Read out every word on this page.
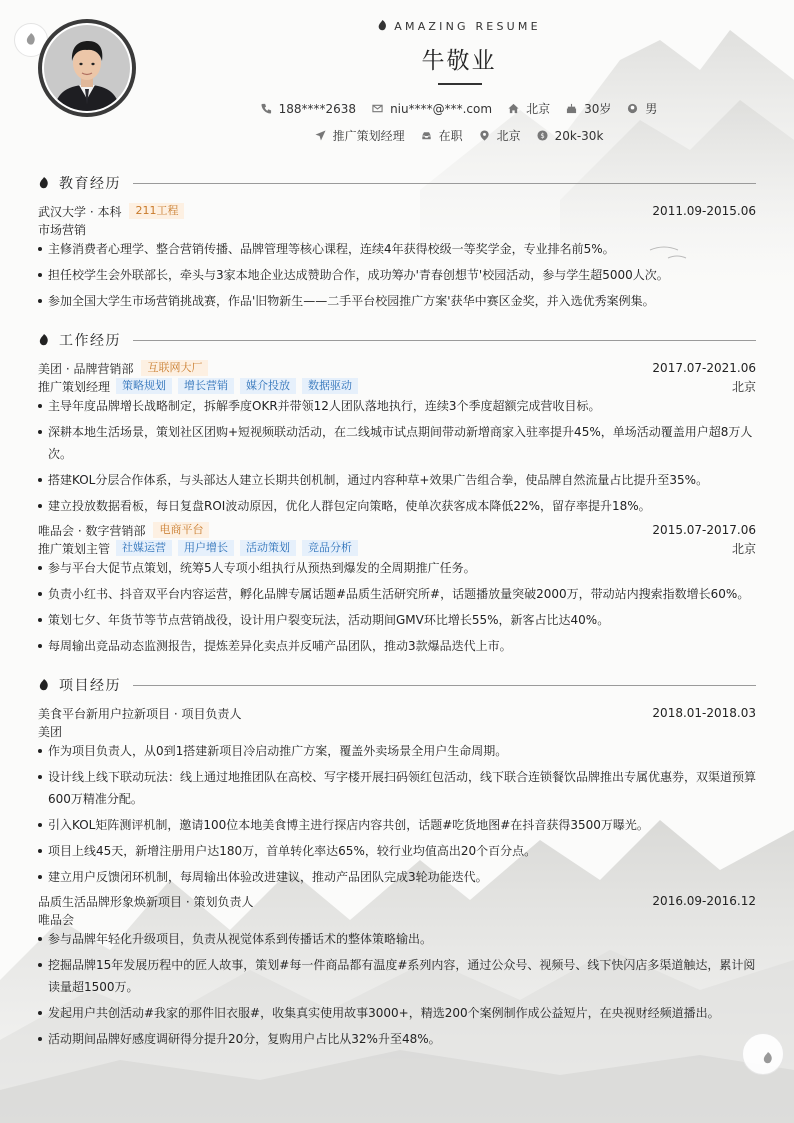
AMAZING RESUME
牛敬业
188****2638	niu****@***.com	北京	30岁	男
推广策划经理	在职	北京	$ 20k-30k
教育经历
武汉大学 · 本科	211工程	2011.09-2015.06
市场营销
主修消费者心理学、整合营销传播、品牌管理等核心课程，连续4年获得校级一等奖学金，专业排名前5%。
担任校学生会外联部长，牵头与3家本地企业达成赞助合作，成功筹办'青春创想节'校园活动，参与学生超5000人次。
参加全国大学生市场营销挑战赛，作品'旧物新生——二手平台校园推广方案'获华中赛区金奖，并入选优秀案例集。
工作经历
美团 · 品牌营销部	互联网大厂	2017.07-2021.06
推广策划经理	策略规划	增长营销	媒介投放	数据驱动	北京
主导年度品牌增长战略制定，拆解季度OKR并带领12人团队落地执行，连续3个季度超额完成营收目标。
深耕本地生活场景，策划社区团购+短视频联动活动，在二线城市试点期间带动新增商家入驻率提升45%，单场活动覆盖用户超8万人次。
搭建KOL分层合作体系，与头部达人建立长期共创机制，通过内容种草+效果广告组合拳，使品牌自然流量占比提升至35%。
建立投放数据看板，每日复盘ROI波动原因，优化人群包定向策略，使单次获客成本降低22%，留存率提升18%。
唯品会 · 数字营销部	电商平台	2015.07-2017.06
推广策划主管	社媒运营	用户增长	活动策划	竞品分析	北京
参与平台大促节点策划，统筹5人专项小组执行从预热到爆发的全周期推广任务。
负责小红书、抖音双平台内容运营，孵化品牌专属话题#品质生活研究所#，话题播放量突破2000万，带动站内搜索指数增长60%。
策划七夕、年货节等节点营销战役，设计用户裂变玩法，活动期间GMV环比增长55%，新客占比达40%。
每周输出竞品动态监测报告，提炼差异化卖点并反哺产品团队，推动3款爆品迭代上市。
项目经历
美食平台新用户拉新项目 · 项目负责人	2018.01-2018.03
美团
作为项目负责人，从0到1搭建新项目冷启动推广方案，覆盖外卖场景全用户生命周期。
设计线上线下联动玩法：线上通过地推团队在高校、写字楼开展扫码领红包活动，线下联合连锁餐饮品牌推出专属优惠券，双渠道预算600万精准分配。
引入KOL矩阵测评机制，邀请100位本地美食博主进行探店内容共创，话题#吃货地图#在抖音获得3500万曝光。
项目上线45天，新增注册用户达180万，首单转化率达65%，较行业均值高出20个百分点。
建立用户反馈闭环机制，每周输出体验改进建议，推动产品团队完成3轮功能迭代。
品质生活品牌形象焕新项目 · 策划负责人	2016.09-2016.12
唯品会
参与品牌年轻化升级项目，负责从视觉体系到传播话术的整体策略输出。
挖掘品牌15年发展历程中的匠人故事，策划#每一件商品都有温度#系列内容，通过公众号、视频号、线下快闪店多渠道触达，累计阅读量超1500万。
发起用户共创活动#我家的那件旧衣服#，收集真实使用故事3000+，精选200个案例制作成公益短片，在央视财经频道播出。
活动期间品牌好感度调研得分提升20分，复购用户占比从32%升至48%。
